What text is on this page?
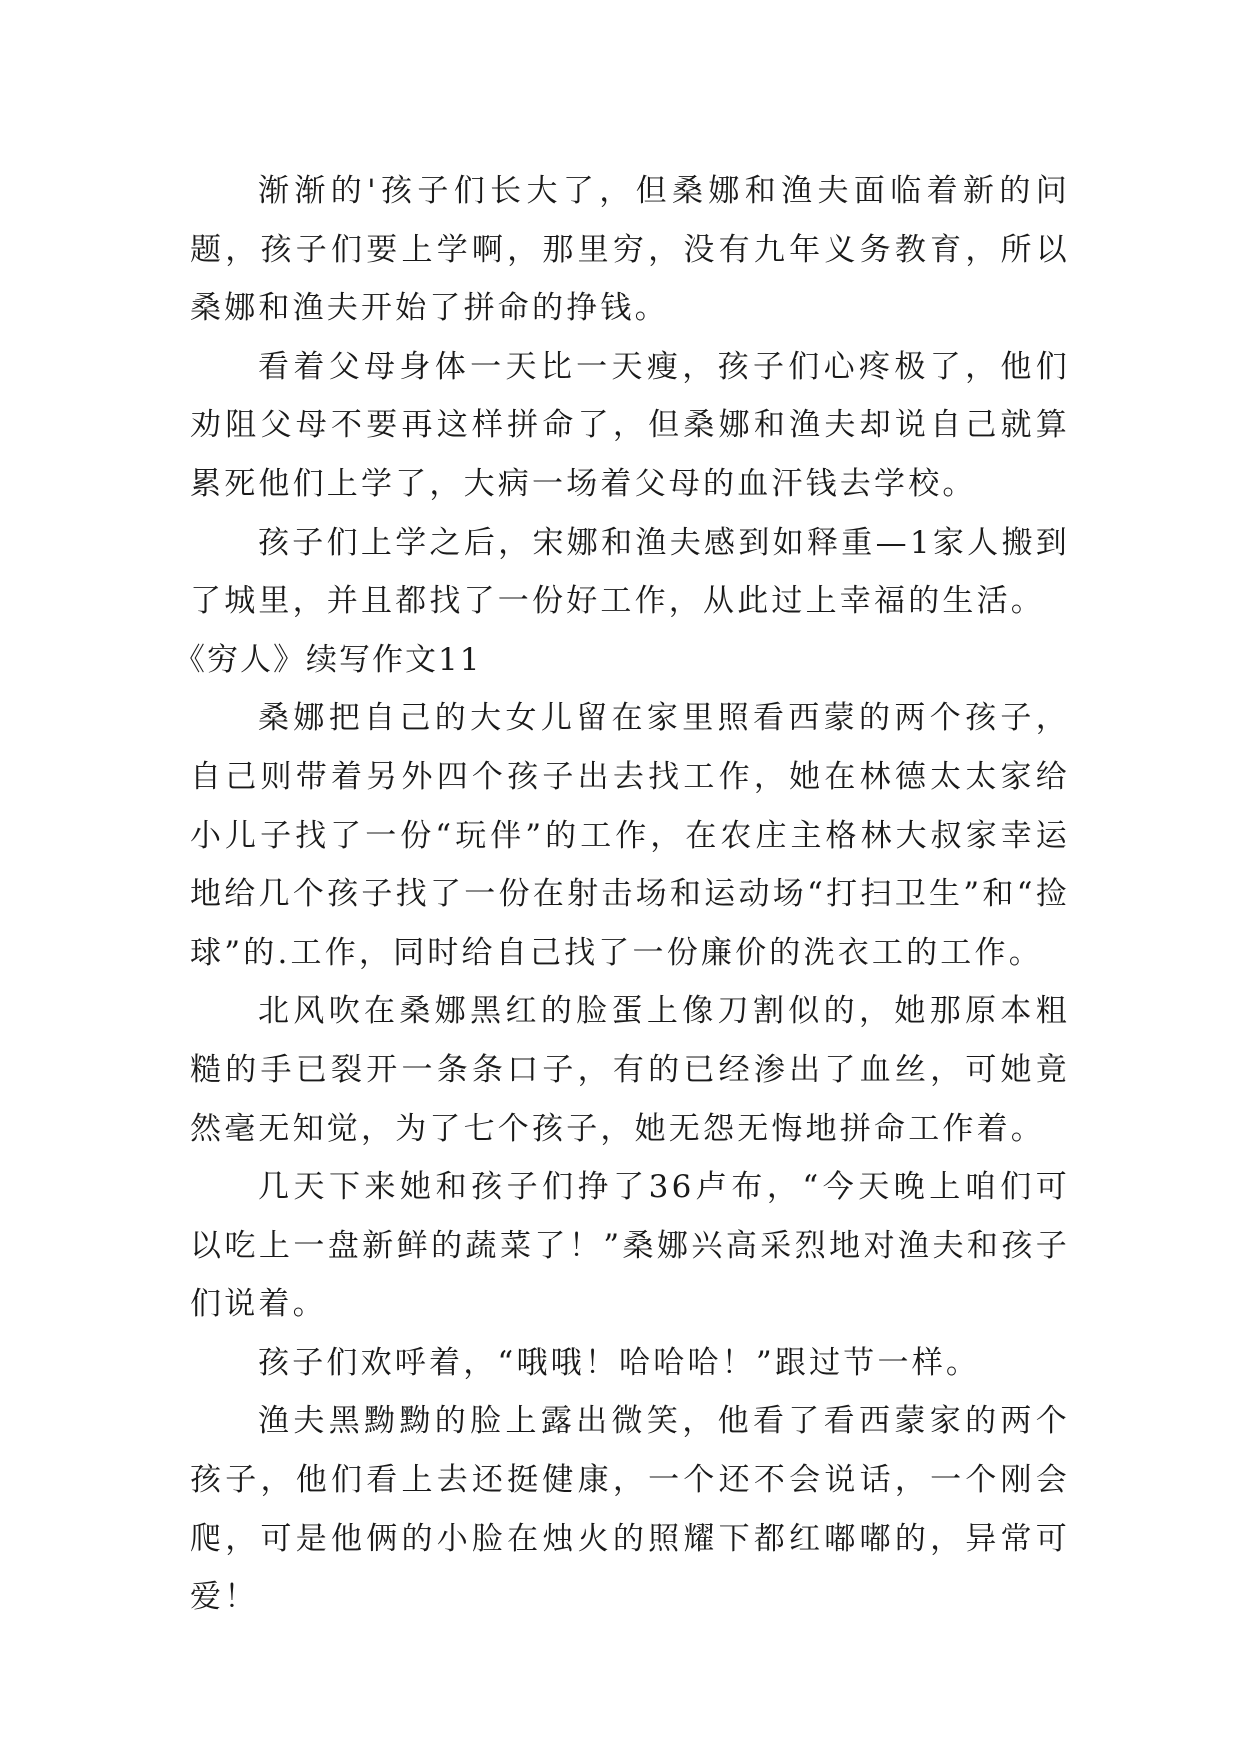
渐渐的'孩子们长大了，但桑娜和渔夫面临着新的问题，孩子们要上学啊，那里穷，没有九年义务教育，所以桑娜和渔夫开始了拼命的挣钱。

看着父母身体一天比一天瘦，孩子们心疼极了，他们劝阻父母不要再这样拼命了，但桑娜和渔夫却说自己就算累死他们上学了，大病一场着父母的血汗钱去学校。

孩子们上学之后，宋娜和渔夫感到如释重—1家人搬到了城里，并且都找了一份好工作，从此过上幸福的生活。

《穷人》续写作文11

桑娜把自己的大女儿留在家里照看西蒙的两个孩子，自己则带着另外四个孩子出去找工作，她在林德太太家给小儿子找了一份“玩伴”的工作，在农庄主格林大叔家幸运地给几个孩子找了一份在射击场和运动场“打扫卫生”和“捡球”的.工作，同时给自己找了一份廉价的洗衣工的工作。

北风吹在桑娜黑红的脸蛋上像刀割似的，她那原本粗糙的手已裂开一条条口子，有的已经渗出了血丝，可她竟然毫无知觉，为了七个孩子，她无怨无悔地拼命工作着。

几天下来她和孩子们挣了36卢布，“今天晚上咱们可以吃上一盘新鲜的蔬菜了！”桑娜兴高采烈地对渔夫和孩子们说着。

孩子们欢呼着，“哦哦！哈哈哈！”跟过节一样。

渔夫黑黝黝的脸上露出微笑，他看了看西蒙家的两个孩子，他们看上去还挺健康，一个还不会说话，一个刚会爬，可是他俩的小脸在烛火的照耀下都红嘟嘟的，异常可爱！
